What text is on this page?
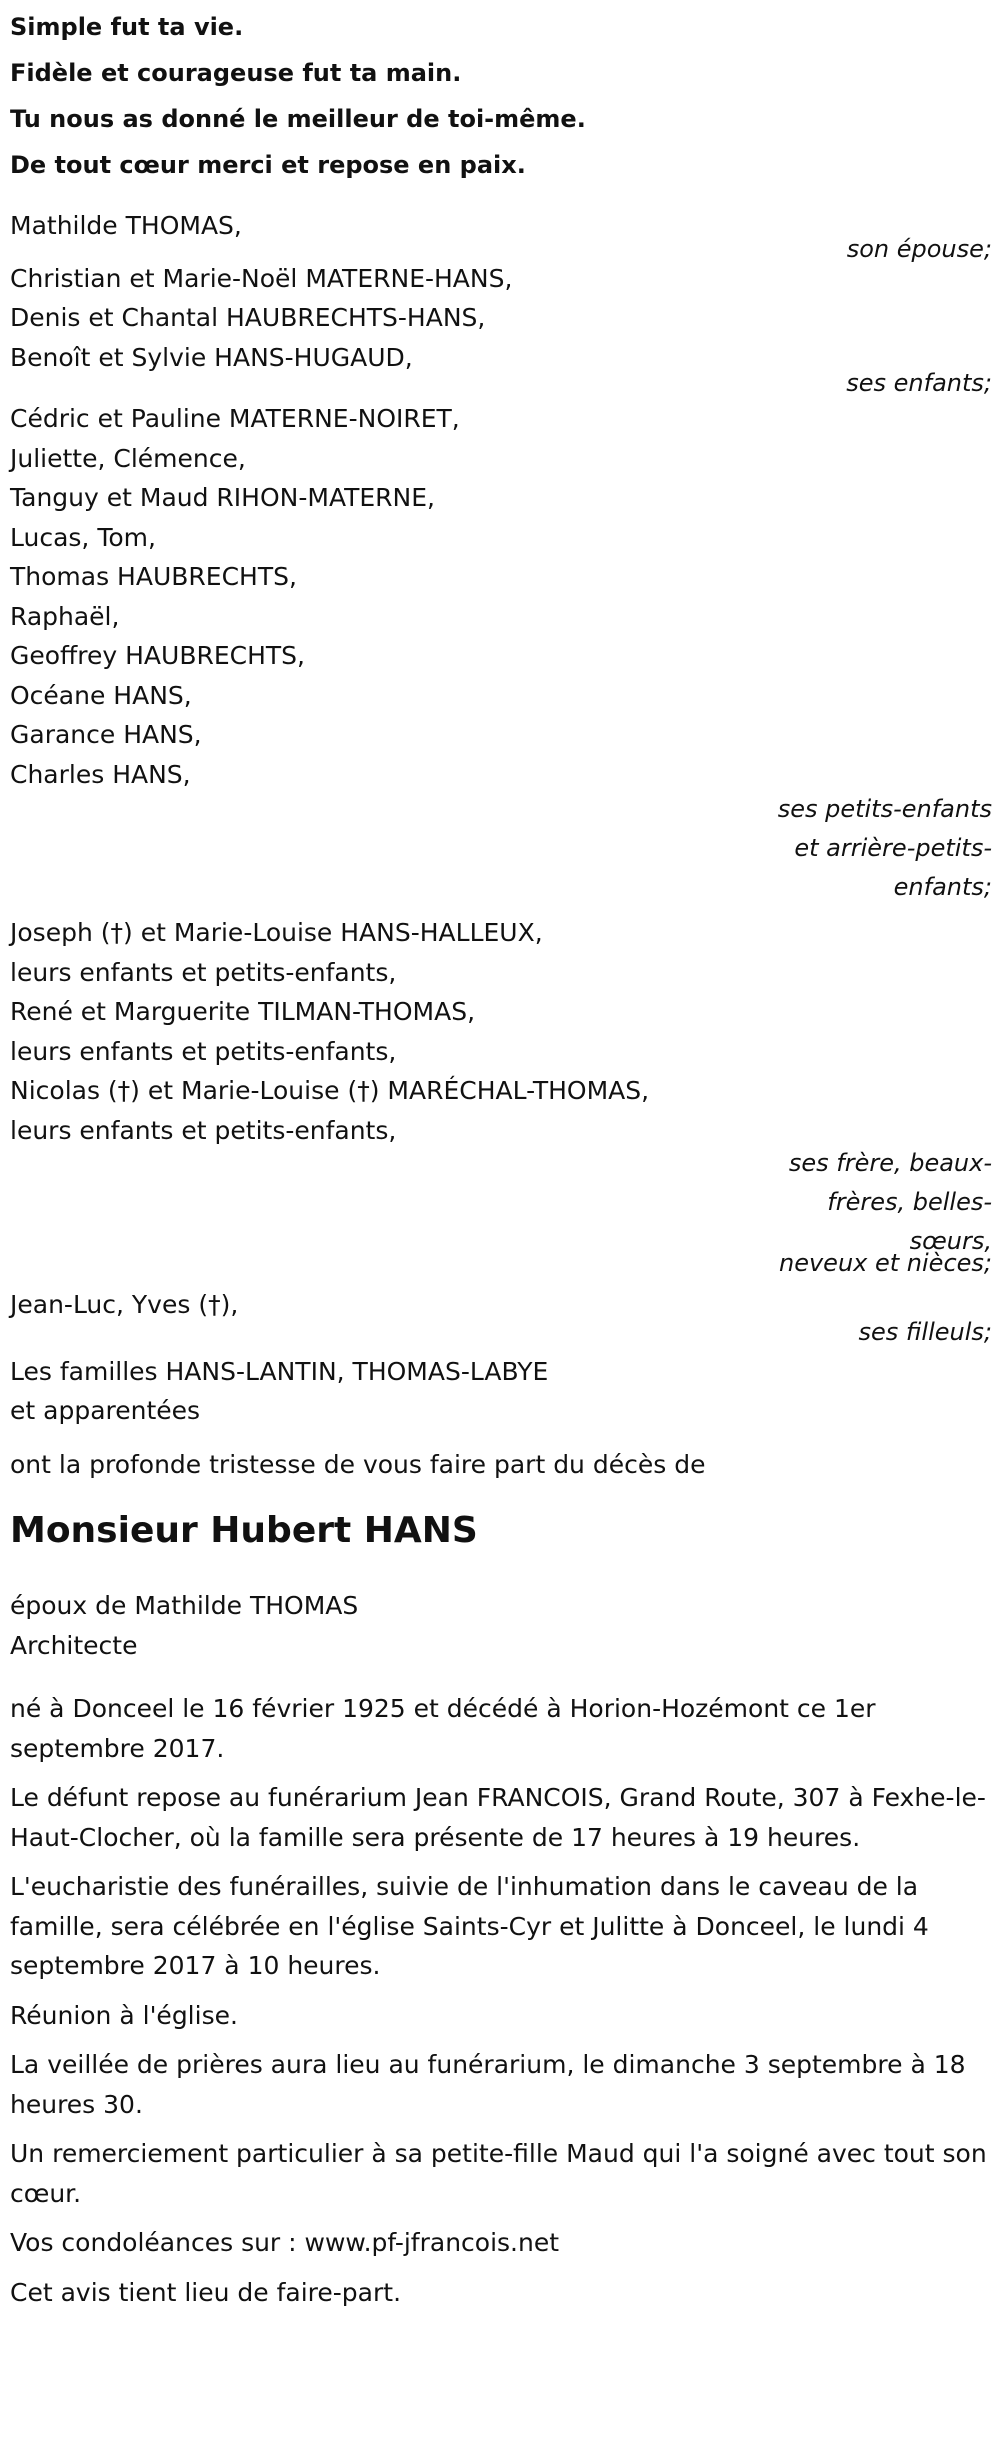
Simple fut ta vie.
Fidèle et courageuse fut ta main.
Tu nous as donné le meilleur de toi-même.
De tout cœur merci et repose en paix.
Mathilde THOMAS,
son épouse;
Christian et Marie-Noël MATERNE-HANS,
Denis et Chantal HAUBRECHTS-HANS,
Benoît et Sylvie HANS-HUGAUD,
ses enfants;
Cédric et Pauline MATERNE-NOIRET,
Juliette, Clémence,
Tanguy et Maud RIHON-MATERNE,
Lucas, Tom,
Thomas HAUBRECHTS,
Raphaël,
Geoffrey HAUBRECHTS,
Océane HANS,
Garance HANS,
Charles HANS,
ses petits-enfants
et arrière-petits-
enfants;
Joseph (†) et Marie-Louise HANS-HALLEUX,
leurs enfants et petits-enfants,
René et Marguerite TILMAN-THOMAS,
leurs enfants et petits-enfants,
Nicolas (†) et Marie-Louise (†) MARÉCHAL-THOMAS,
leurs enfants et petits-enfants,
ses frère, beaux-
frères, belles-
sœurs,
neveux et nièces;
Jean-Luc, Yves (†),
ses filleuls;
Les familles HANS-LANTIN, THOMAS-LABYE
et apparentées
ont la profonde tristesse de vous faire part du décès de
Monsieur Hubert HANS
époux de Mathilde THOMAS
Architecte
né à Donceel le 16 février 1925 et décédé à Horion-Hozémont ce 1er septembre 2017.
Le défunt repose au funérarium Jean FRANCOIS, Grand Route, 307 à Fexhe-le-Haut-Clocher, où la famille sera présente de 17 heures à 19 heures.
L'eucharistie des funérailles, suivie de l'inhumation dans le caveau de la famille, sera célébrée en l'église Saints-Cyr et Julitte à Donceel, le lundi 4 septembre 2017 à 10 heures.
Réunion à l'église.
La veillée de prières aura lieu au funérarium, le dimanche 3 septembre à 18 heures 30.
Un remerciement particulier à sa petite-fille Maud qui l'a soigné avec tout son cœur.
Vos condoléances sur : www.pf-jfrancois.net
Cet avis tient lieu de faire-part.
